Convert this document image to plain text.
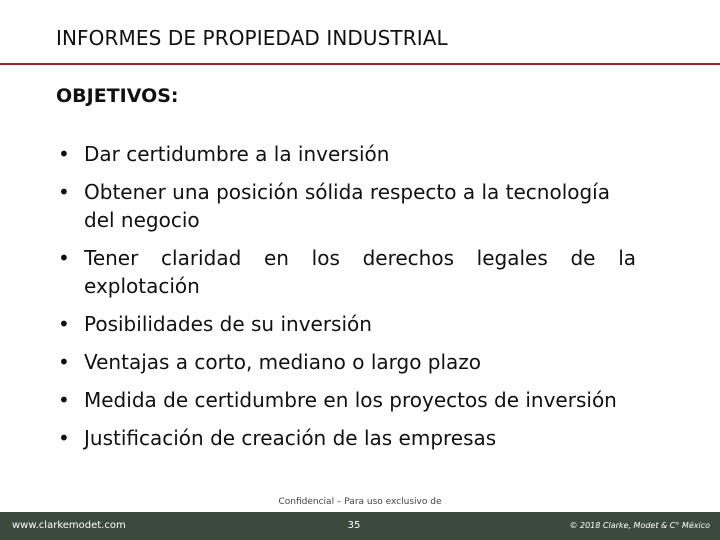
INFORMES DE PROPIEDAD INDUSTRIAL
OBJETIVOS:
• Dar certidumbre a la inversión
• Obtener una posición sólida respecto a la tecnología del negocio
• Tener claridad en los derechos legales de la explotación
• Posibilidades de su inversión
• Ventajas a corto, mediano o largo plazo
• Medida de certidumbre en los proyectos de inversión
• Justificación de creación de las empresas
Confidencial – Para uso exclusivo de
www.clarkemodet.com	35	© 2018 Clarke, Modet & C° México
